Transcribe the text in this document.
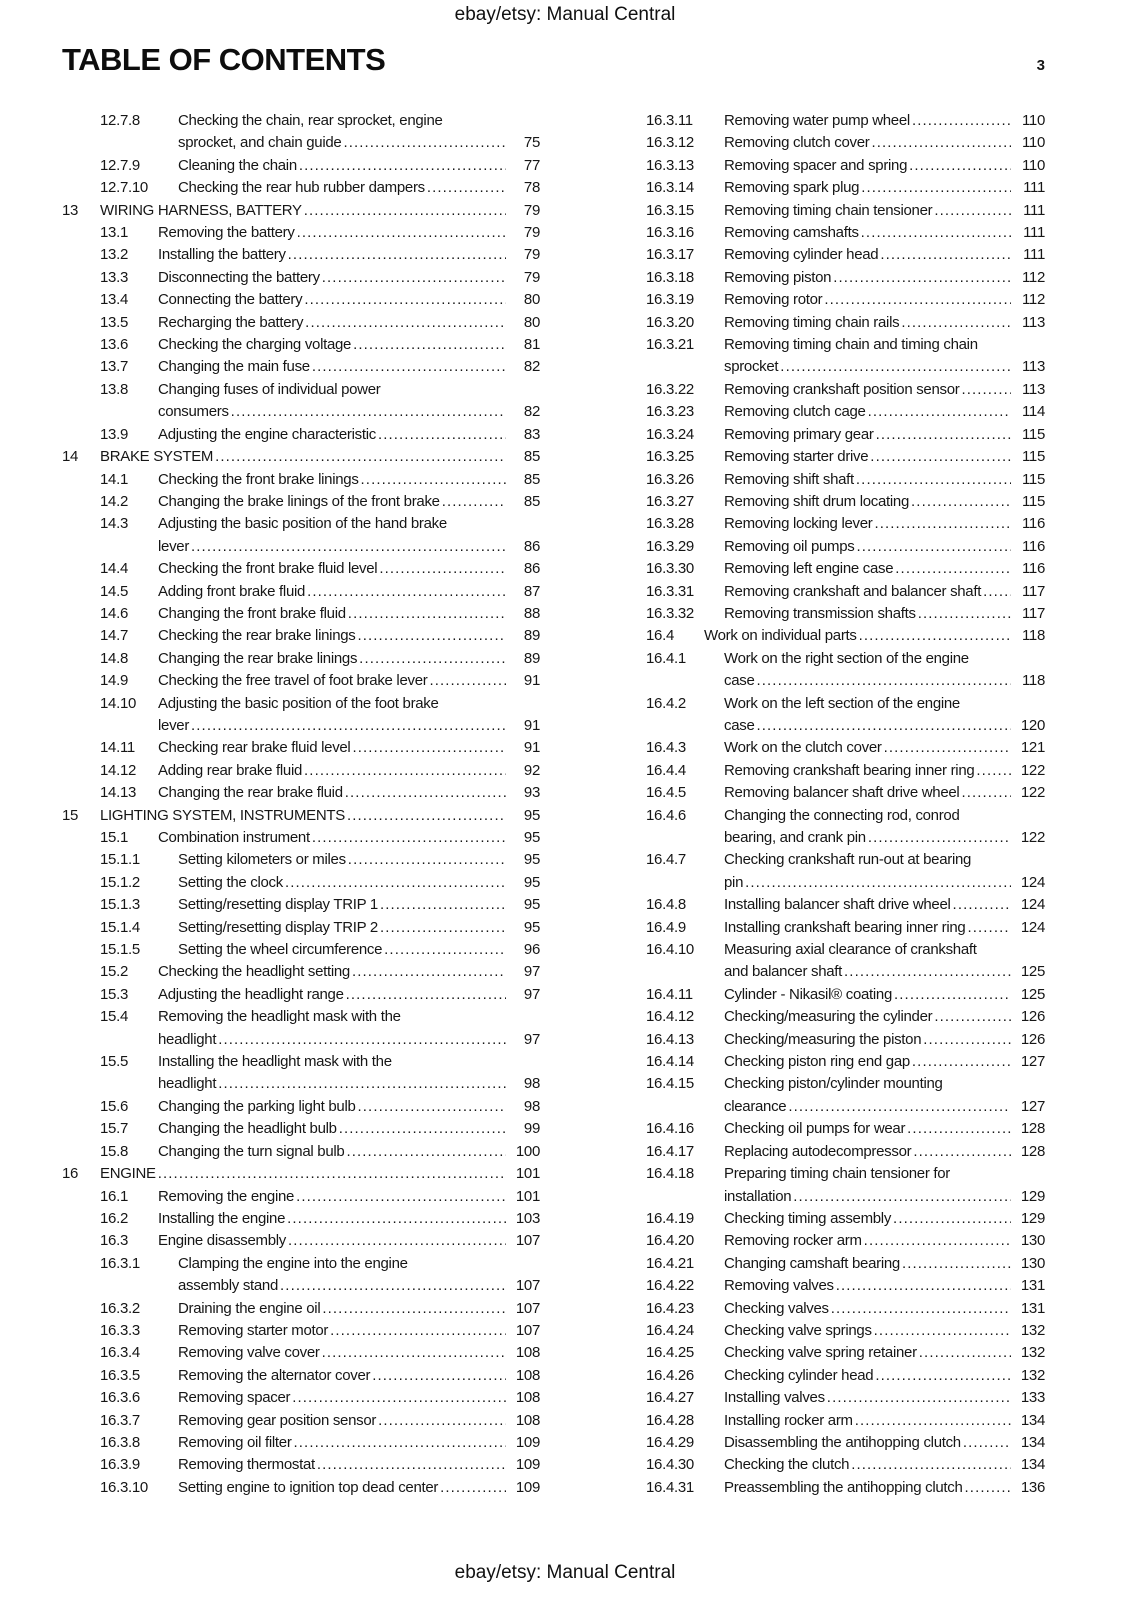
ebay/etsy: Manual Central
TABLE OF CONTENTS	3
12.7.8	Checking the chain, rear sprocket, engine
sprocket, and chain guide .....	75
12.7.9	Cleaning the chain .....	77
12.7.10	Checking the rear hub rubber dampers .....	78
13	WIRING HARNESS, BATTERY .....	79
13.1	Removing the battery .....	79
13.2	Installing the battery .....	79
13.3	Disconnecting the battery .....	79
13.4	Connecting the battery .....	80
13.5	Recharging the battery .....	80
13.6	Checking the charging voltage .....	81
13.7	Changing the main fuse .....	82
13.8	Changing fuses of individual power
consumers .....	82
13.9	Adjusting the engine characteristic .....	83
14	BRAKE SYSTEM .....	85
14.1	Checking the front brake linings .....	85
14.2	Changing the brake linings of the front brake .....	85
14.3	Adjusting the basic position of the hand brake
lever .....	86
14.4	Checking the front brake fluid level .....	86
14.5	Adding front brake fluid .....	87
14.6	Changing the front brake fluid .....	88
14.7	Checking the rear brake linings .....	89
14.8	Changing the rear brake linings .....	89
14.9	Checking the free travel of foot brake lever .....	91
14.10	Adjusting the basic position of the foot brake
lever .....	91
14.11	Checking rear brake fluid level .....	91
14.12	Adding rear brake fluid .....	92
14.13	Changing the rear brake fluid .....	93
15	LIGHTING SYSTEM, INSTRUMENTS .....	95
15.1	Combination instrument .....	95
15.1.1	Setting kilometers or miles .....	95
15.1.2	Setting the clock .....	95
15.1.3	Setting/resetting display TRIP 1 .....	95
15.1.4	Setting/resetting display TRIP 2 .....	95
15.1.5	Setting the wheel circumference .....	96
15.2	Checking the headlight setting .....	97
15.3	Adjusting the headlight range .....	97
15.4	Removing the headlight mask with the
headlight .....	97
15.5	Installing the headlight mask with the
headlight .....	98
15.6	Changing the parking light bulb .....	98
15.7	Changing the headlight bulb .....	99
15.8	Changing the turn signal bulb .....	100
16	ENGINE .....	101
16.1	Removing the engine .....	101
16.2	Installing the engine .....	103
16.3	Engine disassembly .....	107
16.3.1	Clamping the engine into the engine
assembly stand .....	107
16.3.2	Draining the engine oil .....	107
16.3.3	Removing starter motor .....	107
16.3.4	Removing valve cover .....	108
16.3.5	Removing the alternator cover .....	108
16.3.6	Removing spacer .....	108
16.3.7	Removing gear position sensor .....	108
16.3.8	Removing oil filter .....	109
16.3.9	Removing thermostat .....	109
16.3.10	Setting engine to ignition top dead center .....	109
16.3.11	Removing water pump wheel .....	110
16.3.12	Removing clutch cover .....	110
16.3.13	Removing spacer and spring .....	110
16.3.14	Removing spark plug .....	111
16.3.15	Removing timing chain tensioner .....	111
16.3.16	Removing camshafts .....	111
16.3.17	Removing cylinder head .....	111
16.3.18	Removing piston .....	112
16.3.19	Removing rotor .....	112
16.3.20	Removing timing chain rails .....	113
16.3.21	Removing timing chain and timing chain
sprocket .....	113
16.3.22	Removing crankshaft position sensor .....	113
16.3.23	Removing clutch cage .....	114
16.3.24	Removing primary gear .....	115
16.3.25	Removing starter drive .....	115
16.3.26	Removing shift shaft .....	115
16.3.27	Removing shift drum locating .....	115
16.3.28	Removing locking lever .....	116
16.3.29	Removing oil pumps .....	116
16.3.30	Removing left engine case .....	116
16.3.31	Removing crankshaft and balancer shaft .....	117
16.3.32	Removing transmission shafts .....	117
16.4	Work on individual parts .....	118
16.4.1	Work on the right section of the engine
case .....	118
16.4.2	Work on the left section of the engine
case .....	120
16.4.3	Work on the clutch cover .....	121
16.4.4	Removing crankshaft bearing inner ring .....	122
16.4.5	Removing balancer shaft drive wheel .....	122
16.4.6	Changing the connecting rod, conrod
bearing, and crank pin .....	122
16.4.7	Checking crankshaft run-out at bearing
pin .....	124
16.4.8	Installing balancer shaft drive wheel .....	124
16.4.9	Installing crankshaft bearing inner ring .....	124
16.4.10	Measuring axial clearance of crankshaft
and balancer shaft .....	125
16.4.11	Cylinder - Nikasil® coating .....	125
16.4.12	Checking/measuring the cylinder .....	126
16.4.13	Checking/measuring the piston .....	126
16.4.14	Checking piston ring end gap .....	127
16.4.15	Checking piston/cylinder mounting
clearance .....	127
16.4.16	Checking oil pumps for wear .....	128
16.4.17	Replacing autodecompressor .....	128
16.4.18	Preparing timing chain tensioner for
installation .....	129
16.4.19	Checking timing assembly .....	129
16.4.20	Removing rocker arm .....	130
16.4.21	Changing camshaft bearing .....	130
16.4.22	Removing valves .....	131
16.4.23	Checking valves .....	131
16.4.24	Checking valve springs .....	132
16.4.25	Checking valve spring retainer .....	132
16.4.26	Checking cylinder head .....	132
16.4.27	Installing valves .....	133
16.4.28	Installing rocker arm .....	134
16.4.29	Disassembling the antihopping clutch .....	134
16.4.30	Checking the clutch .....	134
16.4.31	Preassembling the antihopping clutch .....	136
ebay/etsy: Manual Central
